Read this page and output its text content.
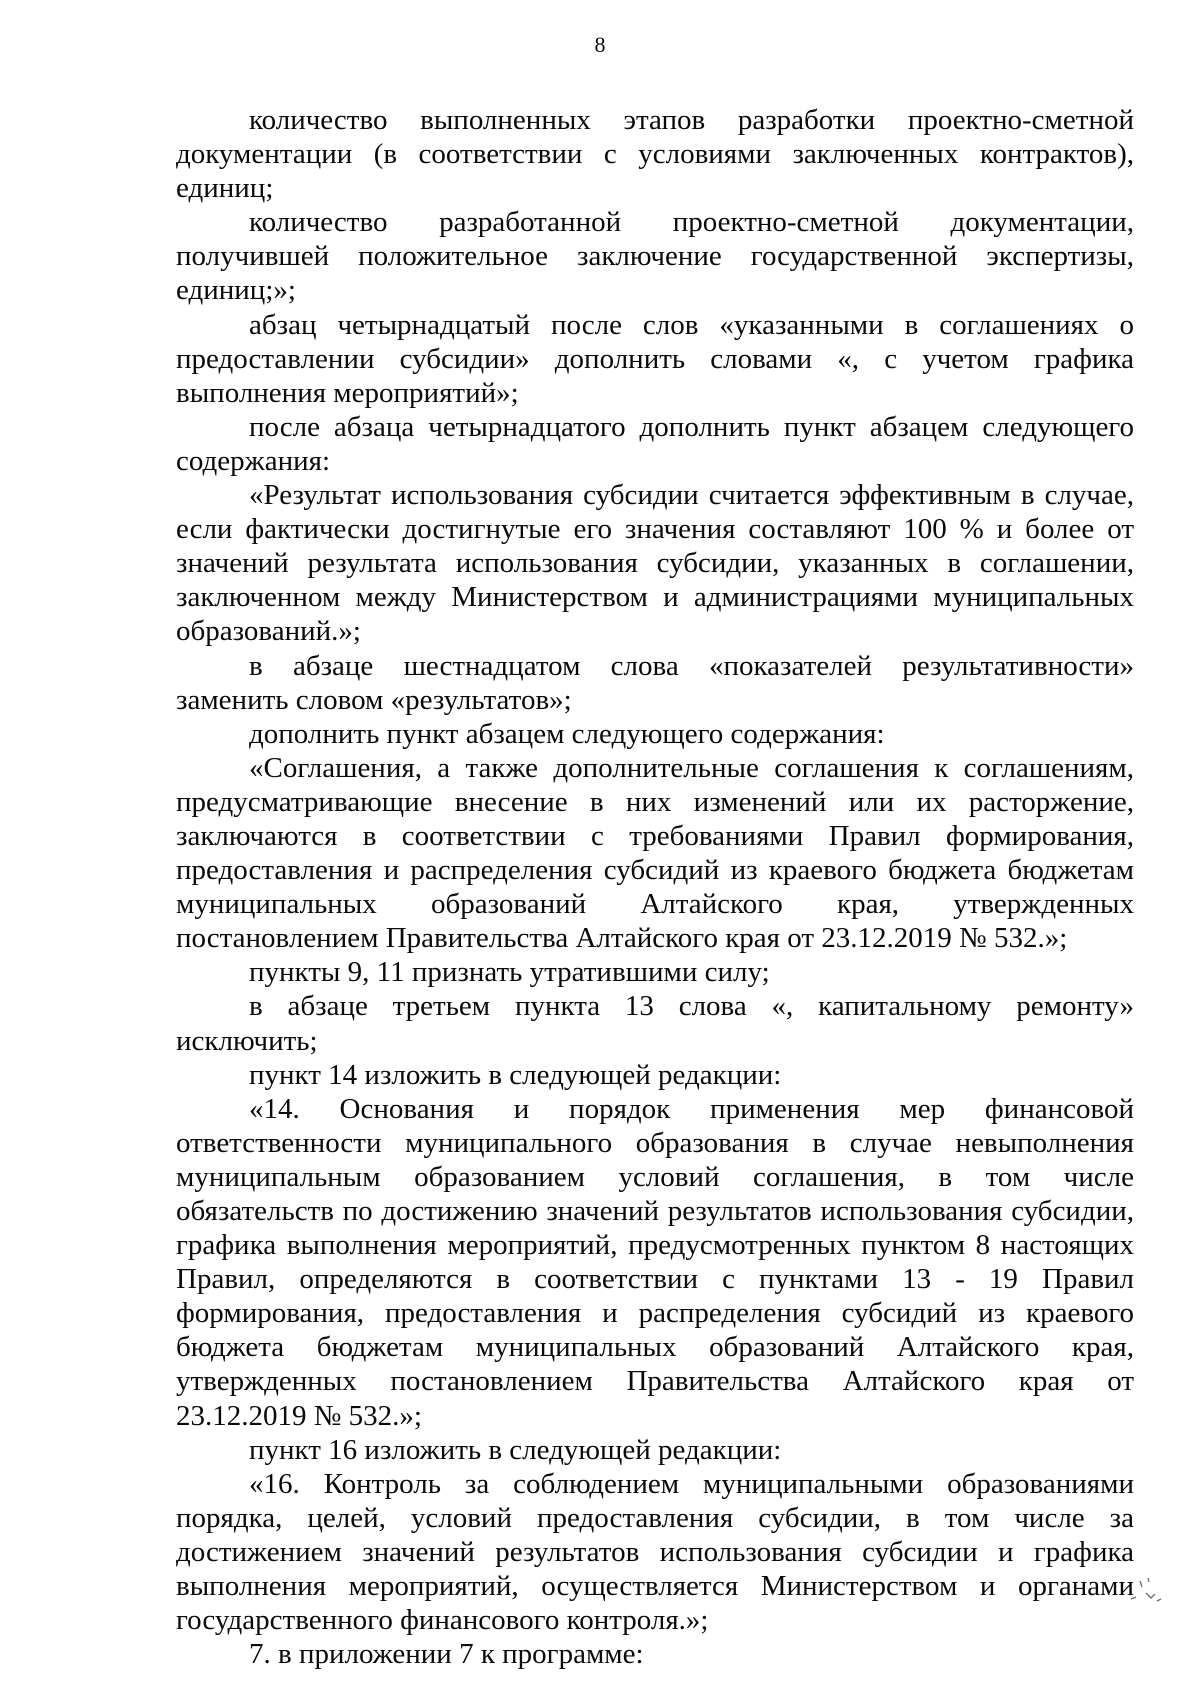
8

количество выполненных этапов разработки проектно-сметной документации (в соответствии с условиями заключенных контрактов), единиц;

количество разработанной проектно-сметной документации, получившей положительное заключение государственной экспертизы, единиц;»;

абзац четырнадцатый после слов «указанными в соглашениях о предоставлении субсидии» дополнить словами «, с учетом графика выполнения мероприятий»;

после абзаца четырнадцатого дополнить пункт абзацем следующего содержания:

«Результат использования субсидии считается эффективным в случае, если фактически достигнутые его значения составляют 100 % и более от значений результата использования субсидии, указанных в соглашении, заключенном между Министерством и администрациями муниципальных образований.»;

в абзаце шестнадцатом слова «показателей результативности» заменить словом «результатов»;

дополнить пункт абзацем следующего содержания:

«Соглашения, а также дополнительные соглашения к соглашениям, предусматривающие внесение в них изменений или их расторжение, заключаются в соответствии с требованиями Правил формирования, предоставления и распределения субсидий из краевого бюджета бюджетам муниципальных образований Алтайского края, утвержденных постановлением Правительства Алтайского края от 23.12.2019 № 532.»;

пункты 9, 11 признать утратившими силу;

в абзаце третьем пункта 13 слова «, капитальному ремонту» исключить;

пункт 14 изложить в следующей редакции:

«14. Основания и порядок применения мер финансовой ответственности муниципального образования в случае невыполнения муниципальным образованием условий соглашения, в том числе обязательств по достижению значений результатов использования субсидии, графика выполнения мероприятий, предусмотренных пунктом 8 настоящих Правил, определяются в соответствии с пунктами 13 - 19 Правил формирования, предоставления и распределения субсидий из краевого бюджета бюджетам муниципальных образований Алтайского края, утвержденных постановлением Правительства Алтайского края от 23.12.2019 № 532.»;

пункт 16 изложить в следующей редакции:

«16. Контроль за соблюдением муниципальными образованиями порядка, целей, условий предоставления субсидии, в том числе за достижением значений результатов использования субсидии и графика выполнения мероприятий, осуществляется Министерством и органами государственного финансового контроля.»;

7. в приложении 7 к программе:
